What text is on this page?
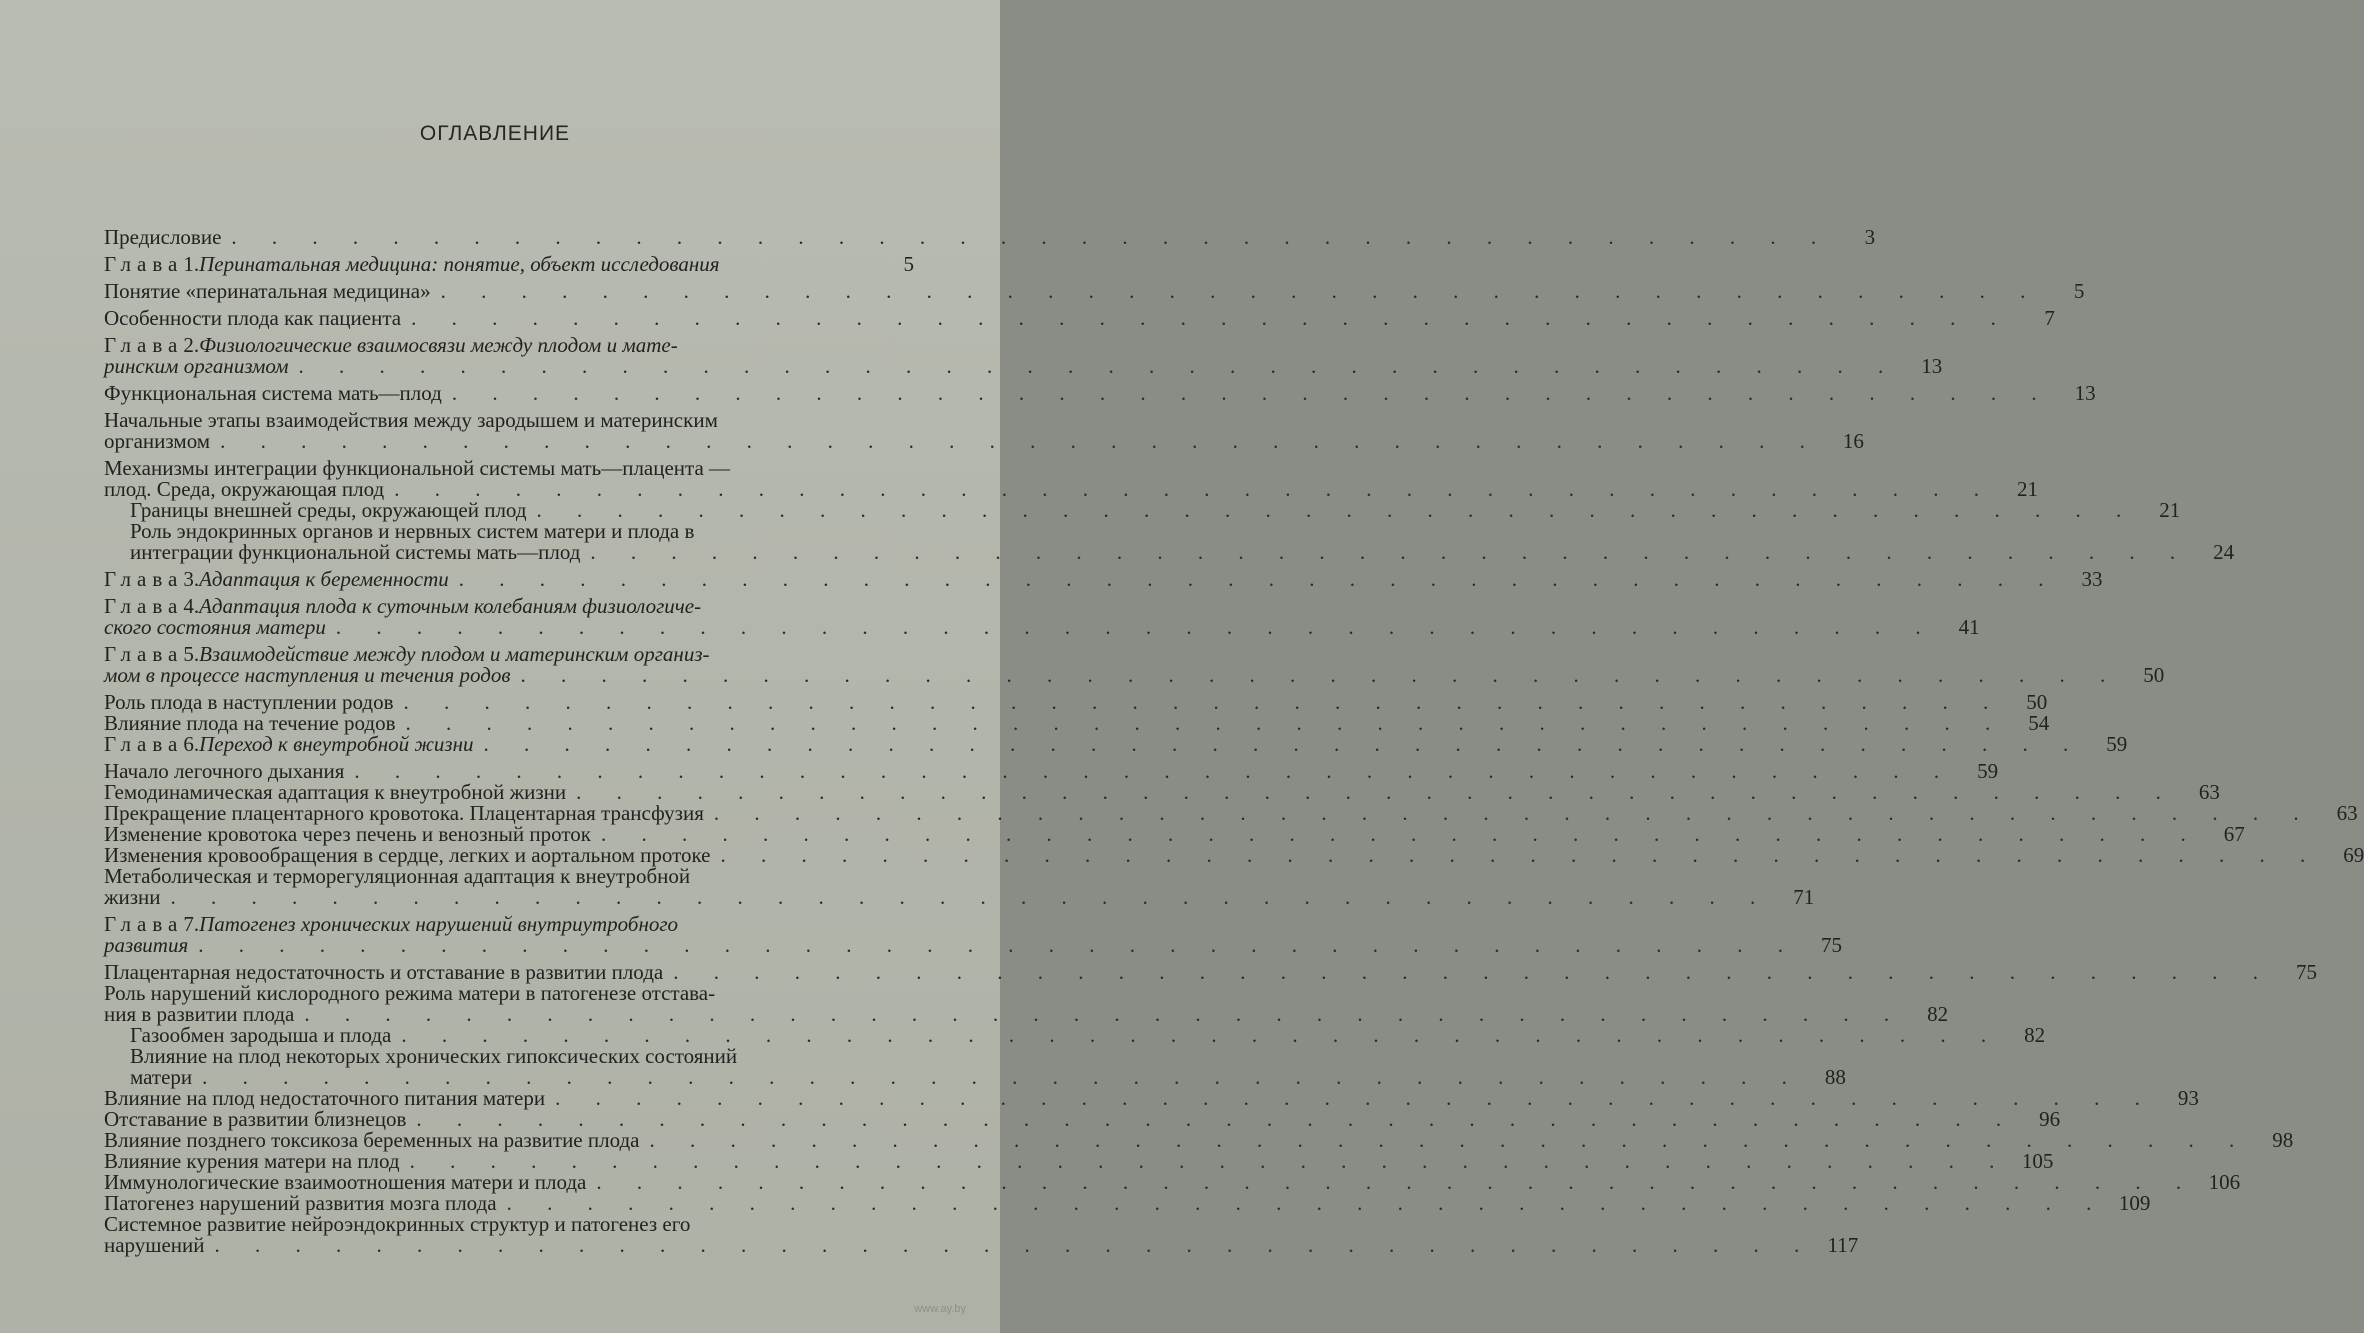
ОГЛАВЛЕНИЕ
Предисловие . . . . . . . . . . . . . . . . . . . . . . . . . . . . . . . . . . . . . . . .	3
Глава 1. Перинатальная медицина: понятие, объект исследования	5
Понятие «перинатальная медицина» . . . . . . . . . . . . . . . . . . . . . . . . . . . . . . . . . . . . . . . .	5
Особенности плода как пациента . . . . . . . . . . . . . . . . . . . . . . . . . . . . . . . . . . . . . . . .	7
Глава 2. Физиологические взаимосвязи между плодом и мате-
ринским организмом . . . . . . . . . . . . . . . . . . . . . . . . . . . . . . . . . . . . . . . .	13
Функциональная система мать—плод . . . . . . . . . . . . . . . . . . . . . . . . . . . . . . . . . . . . . . . .	13
Начальные этапы взаимодействия между зародышем и материнским
организмом . . . . . . . . . . . . . . . . . . . . . . . . . . . . . . . . . . . . . . . .	16
Механизмы интеграции функциональной системы мать—плацента —
плод. Среда, окружающая плод . . . . . . . . . . . . . . . . . . . . . . . . . . . . . . . . . . . . . . . .	21
Границы внешней среды, окружающей плод . . . . . . . . . . . . . . . . . . . . . . . . . . . . . . . . . . . . . . . .	21
Роль эндокринных органов и нервных систем матери и плода в
интеграции функциональной системы мать—плод . . . . . . . . . . . . . . . . . . . . . . . . . . . . . . . . . . . . . . . .	24
Глава 3. Адаптация к беременности . . . . . . . . . . . . . . . . . . . . . . . . . . . . . . . . . . . . . . . .	33
Глава 4. Адаптация плода к суточным колебаниям физиологиче-
ского состояния матери . . . . . . . . . . . . . . . . . . . . . . . . . . . . . . . . . . . . . . . .	41
Глава 5. Взаимодействие между плодом и материнским организ-
мом в процессе наступления и течения родов . . . . . . . . . . . . . . . . . . . . . . . . . . . . . . . . . . . . . . . .	50
Роль плода в наступлении родов . . . . . . . . . . . . . . . . . . . . . . . . . . . . . . . . . . . . . . . .	50
Влияние плода на течение родов . . . . . . . . . . . . . . . . . . . . . . . . . . . . . . . . . . . . . . . .	54
Глава 6. Переход к внеутробной жизни . . . . . . . . . . . . . . . . . . . . . . . . . . . . . . . . . . . . . . . .	59
Начало легочного дыхания . . . . . . . . . . . . . . . . . . . . . . . . . . . . . . . . . . . . . . . .	59
Гемодинамическая адаптация к внеутробной жизни . . . . . . . . . . . . . . . . . . . . . . . . . . . . . . . . . . . . . . . .	63
Прекращение плацентарного кровотока. Плацентарная трансфузия . . . . . . . . . . . . . . . . . . . . . . . . . . . . . . . . . . . . . . . .	63
Изменение кровотока через печень и венозный проток . . . . . . . . . . . . . . . . . . . . . . . . . . . . . . . . . . . . . . . .	67
Изменения кровообращения в сердце, легких и аортальном протоке . . . . . . . . . . . . . . . . . . . . . . . . . . . . . . . . . . . . . . . .	69
Метаболическая и терморегуляционная адаптация к внеутробной
жизни . . . . . . . . . . . . . . . . . . . . . . . . . . . . . . . . . . . . . . . .	71
Глава 7. Патогенез хронических нарушений внутриутробного
развития . . . . . . . . . . . . . . . . . . . . . . . . . . . . . . . . . . . . . . . .	75
Плацентарная недостаточность и отставание в развитии плода . . . . . . . . . . . . . . . . . . . . . . . . . . . . . . . . . . . . . . . .	75
Роль нарушений кислородного режима матери в патогенезе отстава-
ния в развитии плода . . . . . . . . . . . . . . . . . . . . . . . . . . . . . . . . . . . . . . . .	82
Газообмен зародыша и плода . . . . . . . . . . . . . . . . . . . . . . . . . . . . . . . . . . . . . . . .	82
Влияние на плод некоторых хронических гипоксических состояний
матери . . . . . . . . . . . . . . . . . . . . . . . . . . . . . . . . . . . . . . . .	88
Влияние на плод недостаточного питания матери . . . . . . . . . . . . . . . . . . . . . . . . . . . . . . . . . . . . . . . .	93
Отставание в развитии близнецов . . . . . . . . . . . . . . . . . . . . . . . . . . . . . . . . . . . . . . . .	96
Влияние позднего токсикоза беременных на развитие плода . . . . . . . . . . . . . . . . . . . . . . . . . . . . . . . . . . . . . . . .	98
Влияние курения матери на плод . . . . . . . . . . . . . . . . . . . . . . . . . . . . . . . . . . . . . . . . 105
Иммунологические взаимоотношения матери и плода . . . . . . . . . . . . . . . . . . . . . . . . . . . . . . . . . . . . . . . . 106
Патогенез нарушений развития мозга плода . . . . . . . . . . . . . . . . . . . . . . . . . . . . . . . . . . . . . . . . 109
Системное развитие нейроэндокринных структур и патогенез его
нарушений . . . . . . . . . . . . . . . . . . . . . . . . . . . . . . . . . . . . . . . . 117
www.ay.by
